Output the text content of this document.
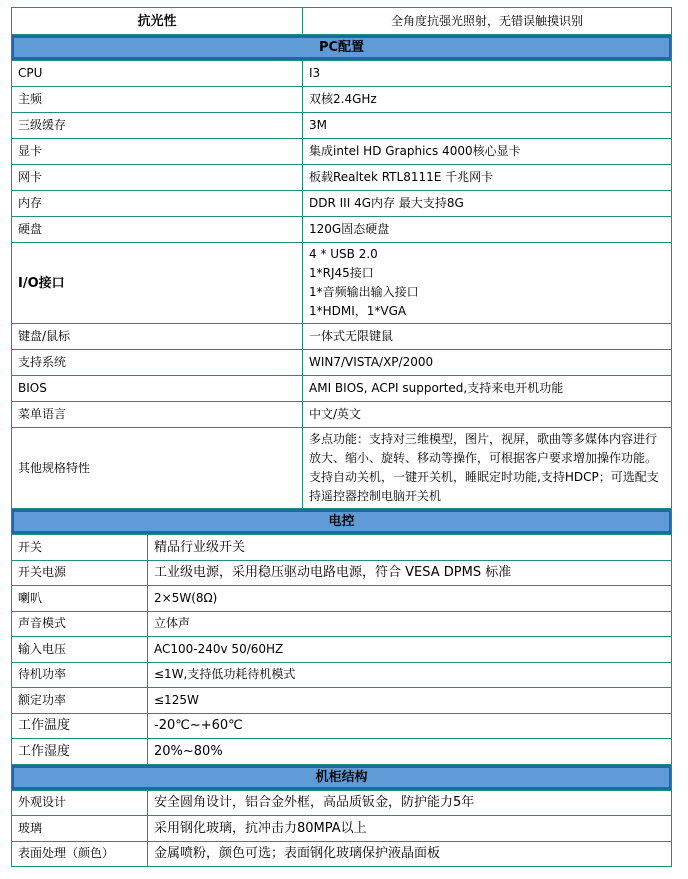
抗光性	全角度抗强光照射，无错误触摸识别

PC配置	

CPU	I3
主频	双核2.4GHz
三级缓存	3M
显卡	集成intel HD Graphics 4000核心显卡
网卡	板载Realtek RTL8111E 千兆网卡
内存	DDR III 4G内存 最大支持8G
硬盘	120G固态硬盘
I/O接口	4 * USB 2.0
1*RJ45接口
1*音频输出输入接口
1*HDMI，1*VGA

键盘/鼠标	一体式无限键鼠
支持系统	WIN7/VISTA/XP/2000
BIOS	AMI BIOS, ACPI supported,支持来电开机功能
菜单语言	中文/英文
其他规格特性	多点功能：支持对三维模型，图片，视屏，歌曲等多媒体内容进行放大、缩小、旋转、移动等操作，可根据客户要求增加操作功能。支持自动关机，一键开关机，睡眠定时功能,支持HDCP；可选配支持遥控器控制电脑开关机
电控	

开关	精品行业级开关
开关电源	工业级电源，采用稳压驱动电路电源，符合 VESA DPMS 标准
喇叭	2×5W(8Ω)
声音模式	立体声
输入电压	AC100-240v 50/60HZ
待机功率	≤1W,支持低功耗待机模式
额定功率	≤125W
工作温度	-20℃~+60℃
工作湿度	20%~80%

机柜结构	

外观设计	安全圆角设计，铝合金外框，高品质钣金，防护能力5年
玻璃	采用钢化玻璃，抗冲击力80MPA以上
表面处理（颜色）	金属喷粉，颜色可选；表面钢化玻璃保护液晶面板
